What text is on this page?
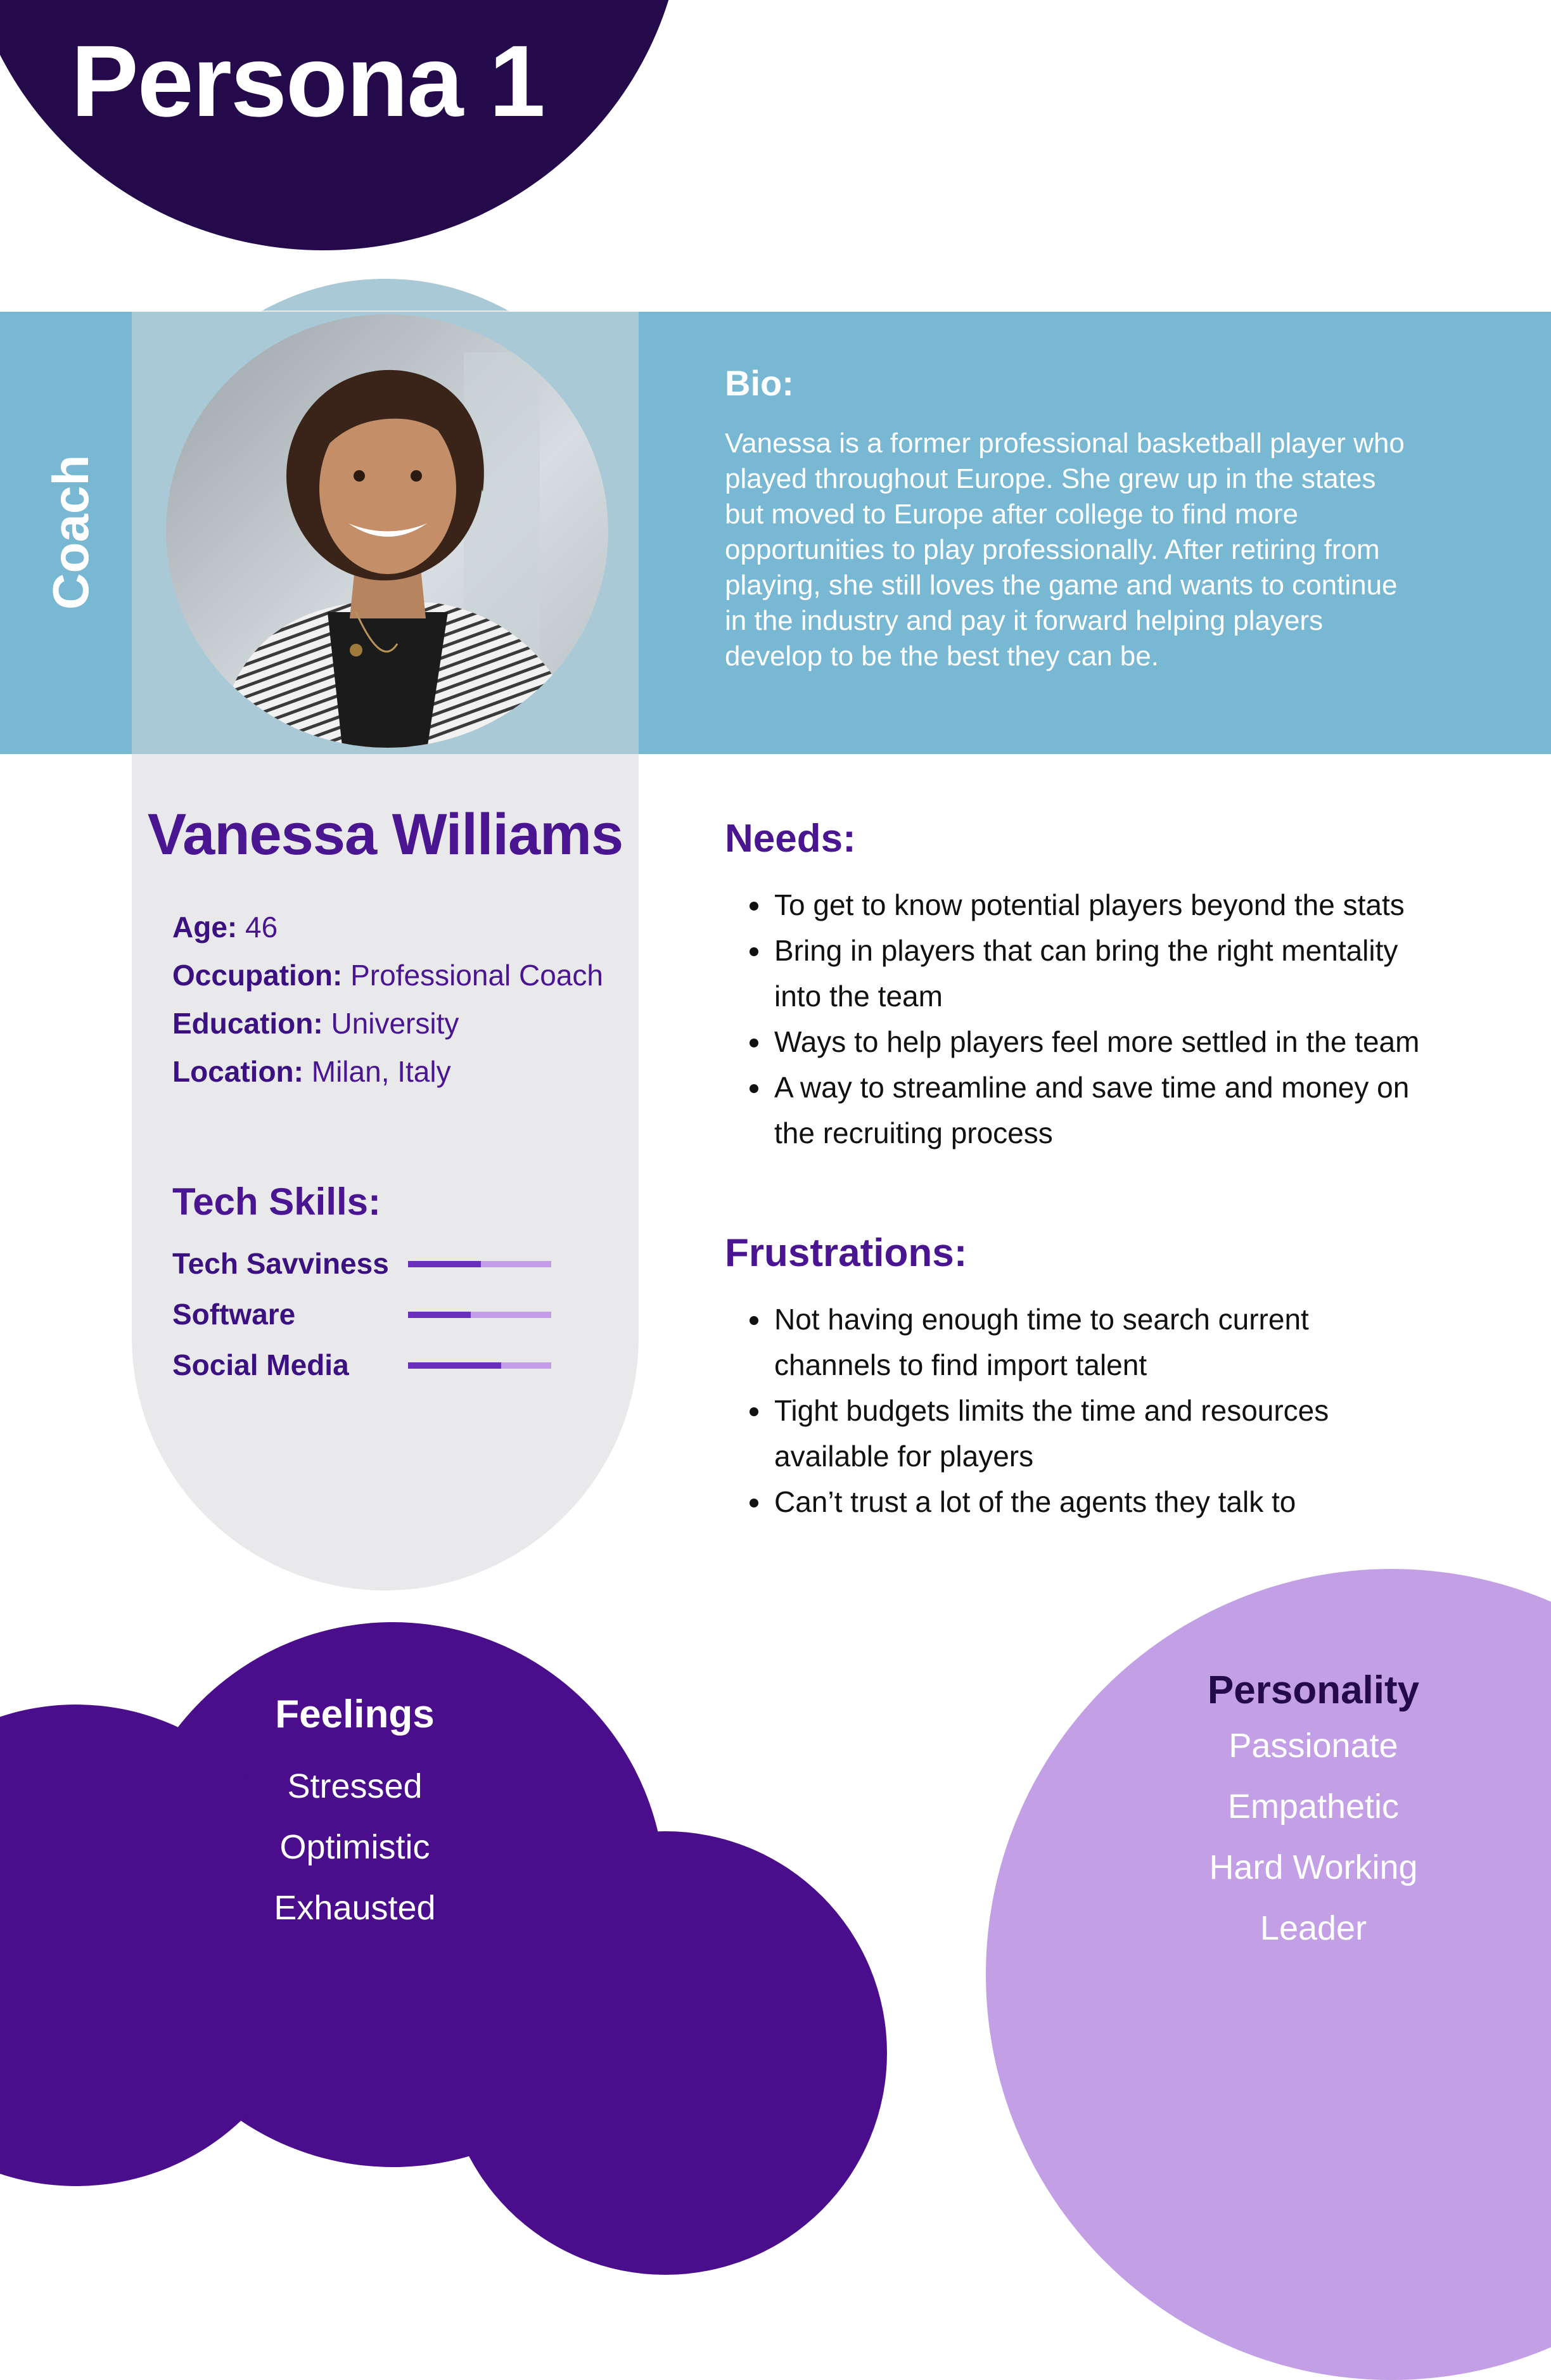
Persona 1
Coach
Bio:
Vanessa is a former professional basketball player who played throughout Europe. She grew up in the states but moved to Europe after college to find more opportunities to play professionally. After retiring from playing, she still loves the game and wants to continue in the industry and pay it forward helping players develop to be the best they can be.
Vanessa Williams
Age: 46
Occupation: Professional Coach
Education: University
Location: Milan, Italy
Tech Skills:
Tech Savviness
Software
Social Media
Needs:
• To get to know potential players beyond the stats
• Bring in players that can bring the right mentality into the team
• Ways to help players feel more settled in the team
• A way to streamline and save time and money on the recruiting process
Frustrations:
• Not having enough time to search current channels to find import talent
• Tight budgets limits the time and resources available for players
• Can’t trust a lot of the agents they talk to
Feelings
Stressed
Optimistic
Exhausted
Personality
Passionate
Empathetic
Hard Working
Leader
